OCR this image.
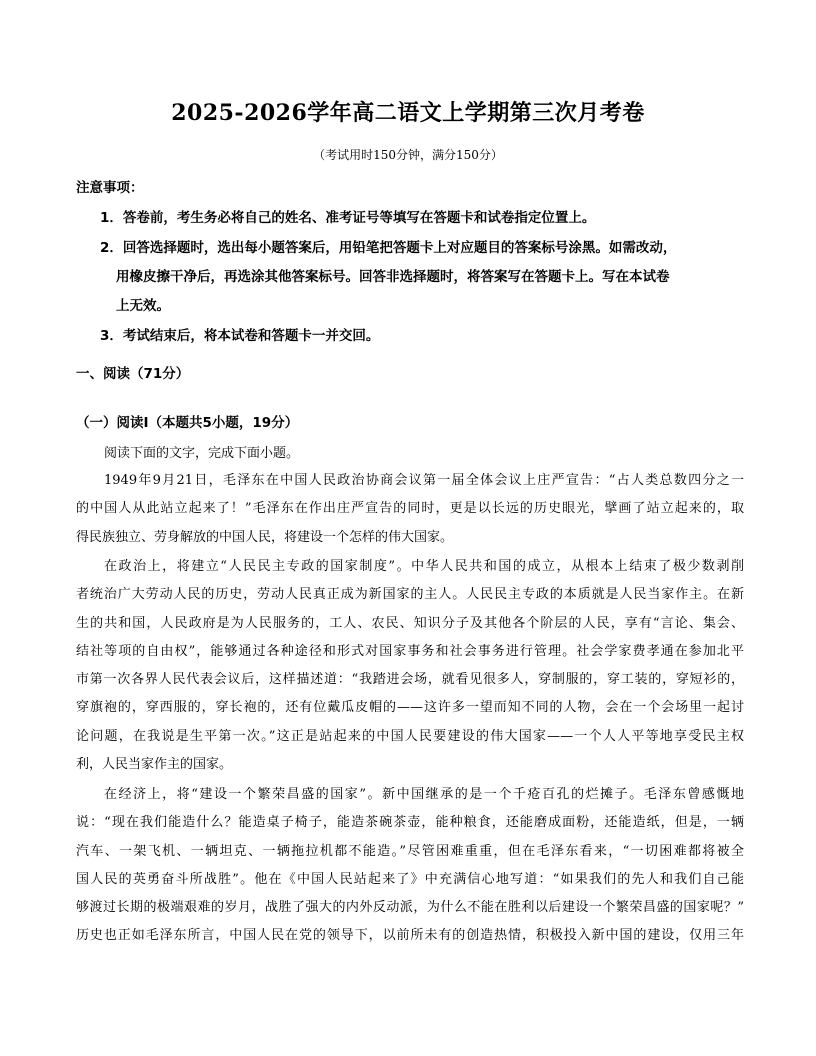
2025-2026学年高二语文上学期第三次月考卷
（考试用时150分钟，满分150分）
注意事项：
1．答卷前，考生务必将自己的姓名、准考证号等填写在答题卡和试卷指定位置上。
2．回答选择题时，选出每小题答案后，用铅笔把答题卡上对应题目的答案标号涂黑。如需改动，
用橡皮擦干净后，再选涂其他答案标号。回答非选择题时，将答案写在答题卡上。写在本试卷
上无效。
3．考试结束后，将本试卷和答题卡一并交回。
一、阅读（71分）
（一）阅读Ⅰ（本题共5小题，19分）
阅读下面的文字，完成下面小题。
1949年9月21日，毛泽东在中国人民政治协商会议第一届全体会议上庄严宣告：“占人类总数四分之一
的中国人从此站立起来了！”毛泽东在作出庄严宣告的同时，更是以长远的历史眼光，擘画了站立起来的，取
得民族独立、劳身解放的中国人民，将建设一个怎样的伟大国家。
在政治上，将建立“人民民主专政的国家制度”。中华人民共和国的成立，从根本上结束了极少数剥削
者统治广大劳动人民的历史，劳动人民真正成为新国家的主人。人民民主专政的本质就是人民当家作主。在新
生的共和国，人民政府是为人民服务的，工人、农民、知识分子及其他各个阶层的人民，享有“言论、集会、
结社等项的自由权”，能够通过各种途径和形式对国家事务和社会事务进行管理。社会学家费孝通在参加北平
市第一次各界人民代表会议后，这样描述道：“我踏进会场，就看见很多人，穿制服的，穿工装的，穿短衫的，
穿旗袍的，穿西服的，穿长袍的，还有位戴瓜皮帽的——这许多一望而知不同的人物，会在一个会场里一起讨
论问题，在我说是生平第一次。”这正是站起来的中国人民要建设的伟大国家——一个人人平等地享受民主权
利，人民当家作主的国家。
在经济上，将“建设一个繁荣昌盛的国家”。新中国继承的是一个千疮百孔的烂摊子。毛泽东曾感慨地
说：“现在我们能造什么？能造桌子椅子，能造茶碗茶壶，能种粮食，还能磨成面粉，还能造纸，但是，一辆
汽车、一架飞机、一辆坦克、一辆拖拉机都不能造。”尽管困难重重，但在毛泽东看来，“一切困难都将被全
国人民的英勇奋斗所战胜”。他在《中国人民站起来了》中充满信心地写道：“如果我们的先人和我们自己能
够渡过长期的极端艰难的岁月，战胜了强大的内外反动派，为什么不能在胜利以后建设一个繁荣昌盛的国家呢？”
历史也正如毛泽东所言，中国人民在党的领导下，以前所未有的创造热情，积极投入新中国的建设，仅用三年
